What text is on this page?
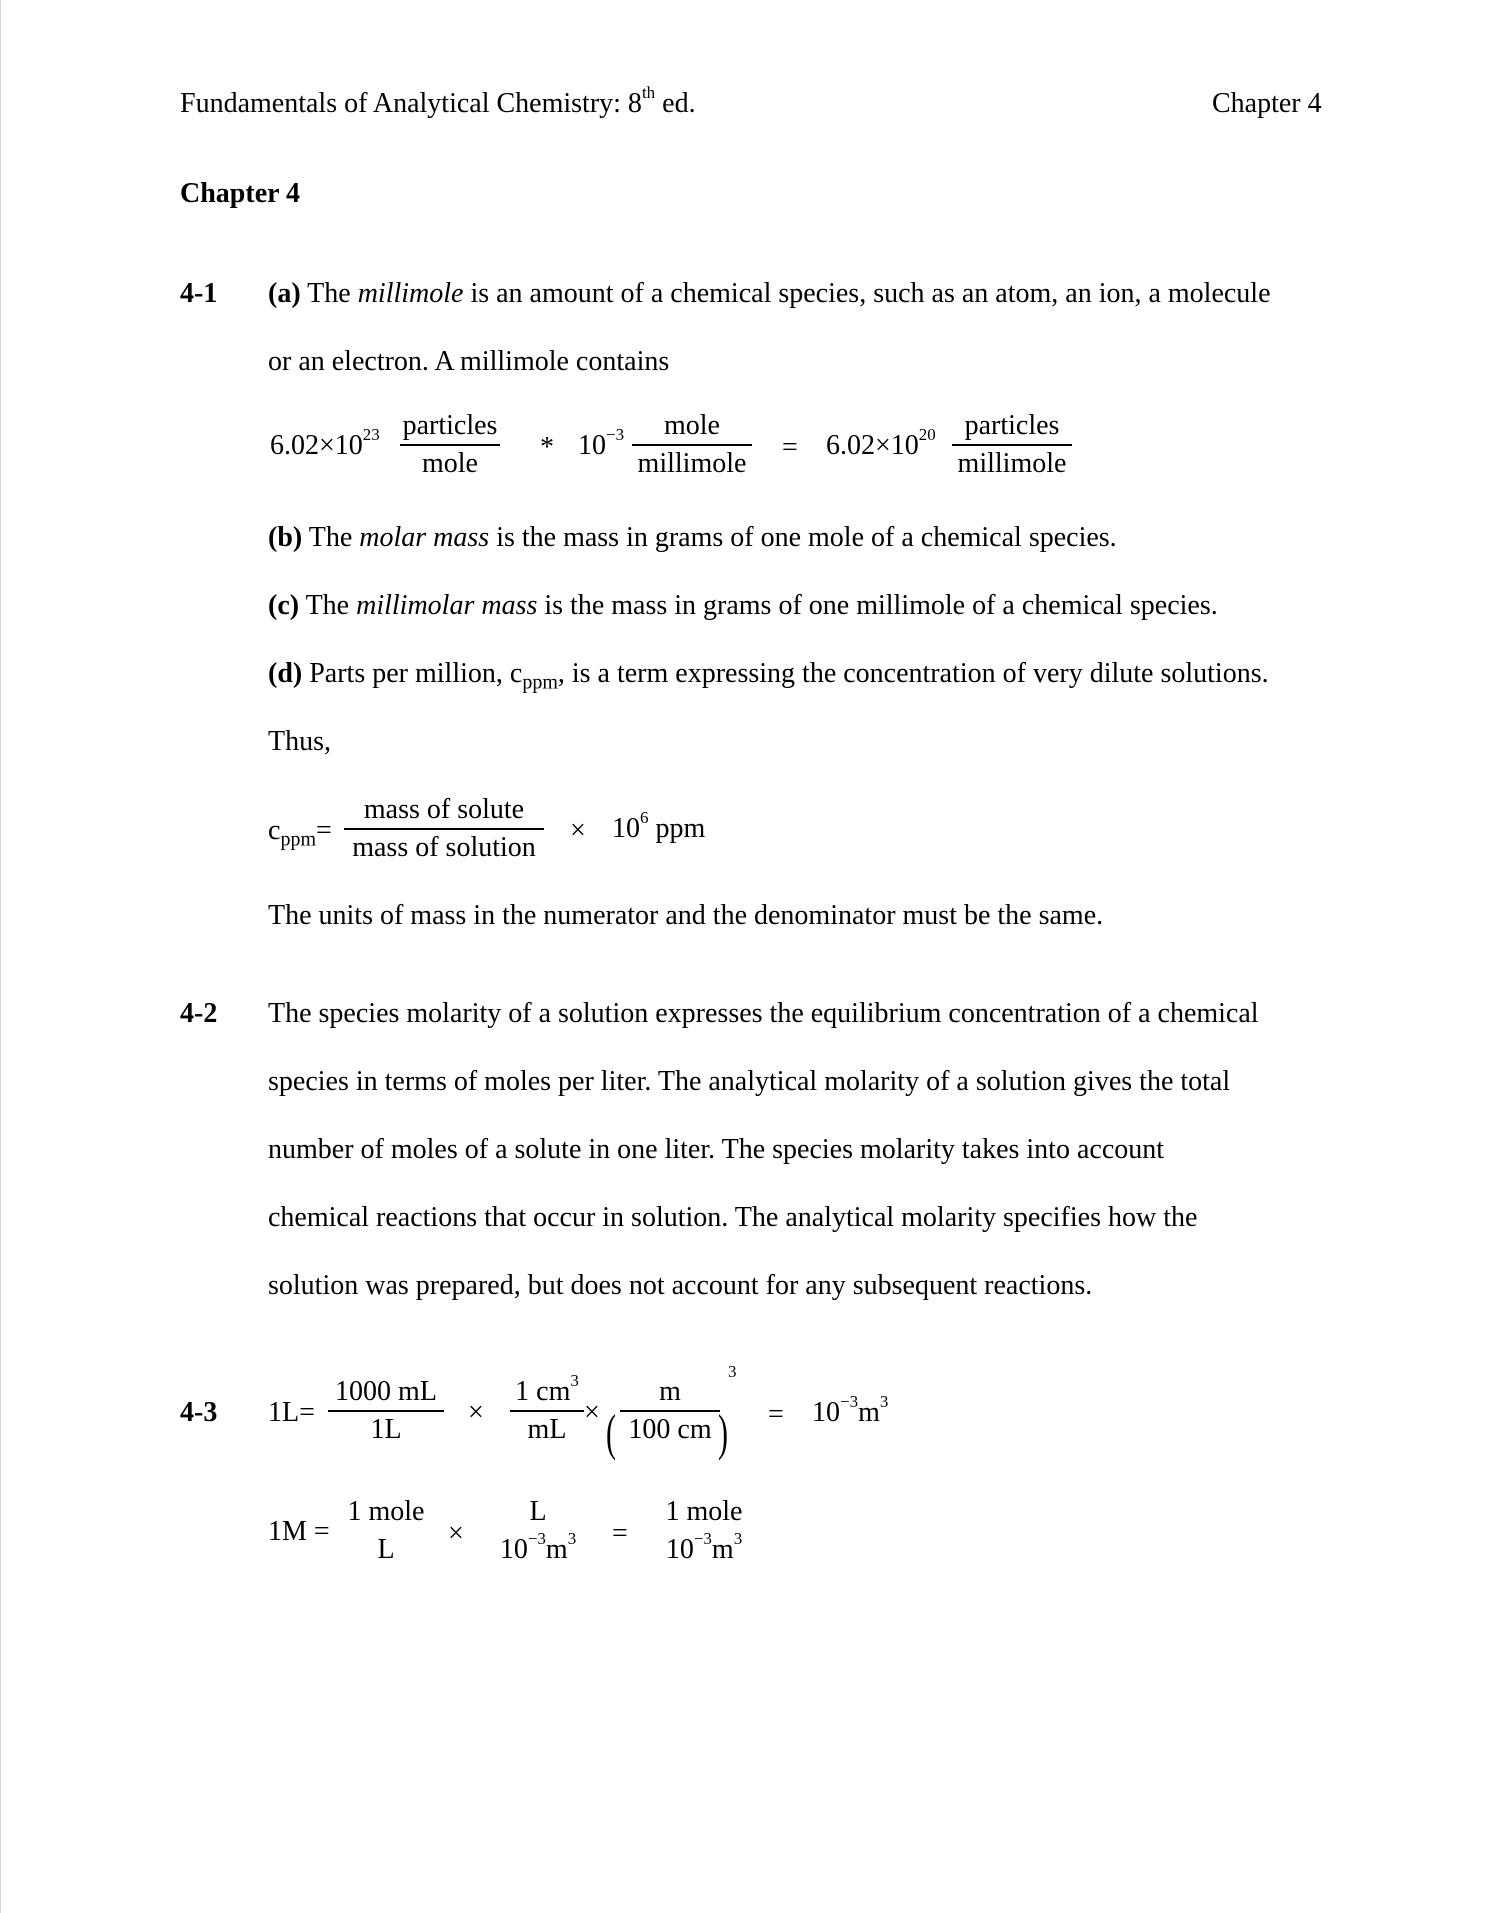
Fundamentals of Analytical Chemistry: 8th ed.	Chapter 4
Chapter 4
4-1 (a) The millimole is an amount of a chemical species, such as an atom, an ion, a molecule
or an electron. A millimole contains
$6.02\times 10^{23}$ particles
mole
* $10^{-3}$	mole
millimole
= $6.02\times 10^{20}$	particles
millimole
(b) The molar mass is the mass in grams of one mole of a chemical species.
(c) The millimolar mass is the mass in grams of one millimole of a chemical species.
(d) Parts per million, $c_{ppm}$, is a term expressing the concentration of very dilute solutions.
Thus,
$c_{ppm}=$
mass of solute
mass of solution
× $10^6$ ppm
The units of mass in the numerator and the denominator must be the same.
4-2 The species molarity of a solution expresses the equilibrium concentration of a chemical
species in terms of moles per liter. The analytical molarity of a solution gives the total
number of moles of a solute in one liter. The species molarity takes into account
chemical reactions that occur in solution. The analytical molarity specifies how the
solution was prepared, but does not account for any subsequent reactions.
4-3 $1L= \frac{1000 mL}{1L} \times \frac{1 cm^3}{mL}$ × ( $\frac{m}{100 cm}$
)
3
= $10^{-3}m^3$
1M =
1 mole
L
×
L
$10^{-3}m^3$	=
1 mole
$10^{-3}m^3$
